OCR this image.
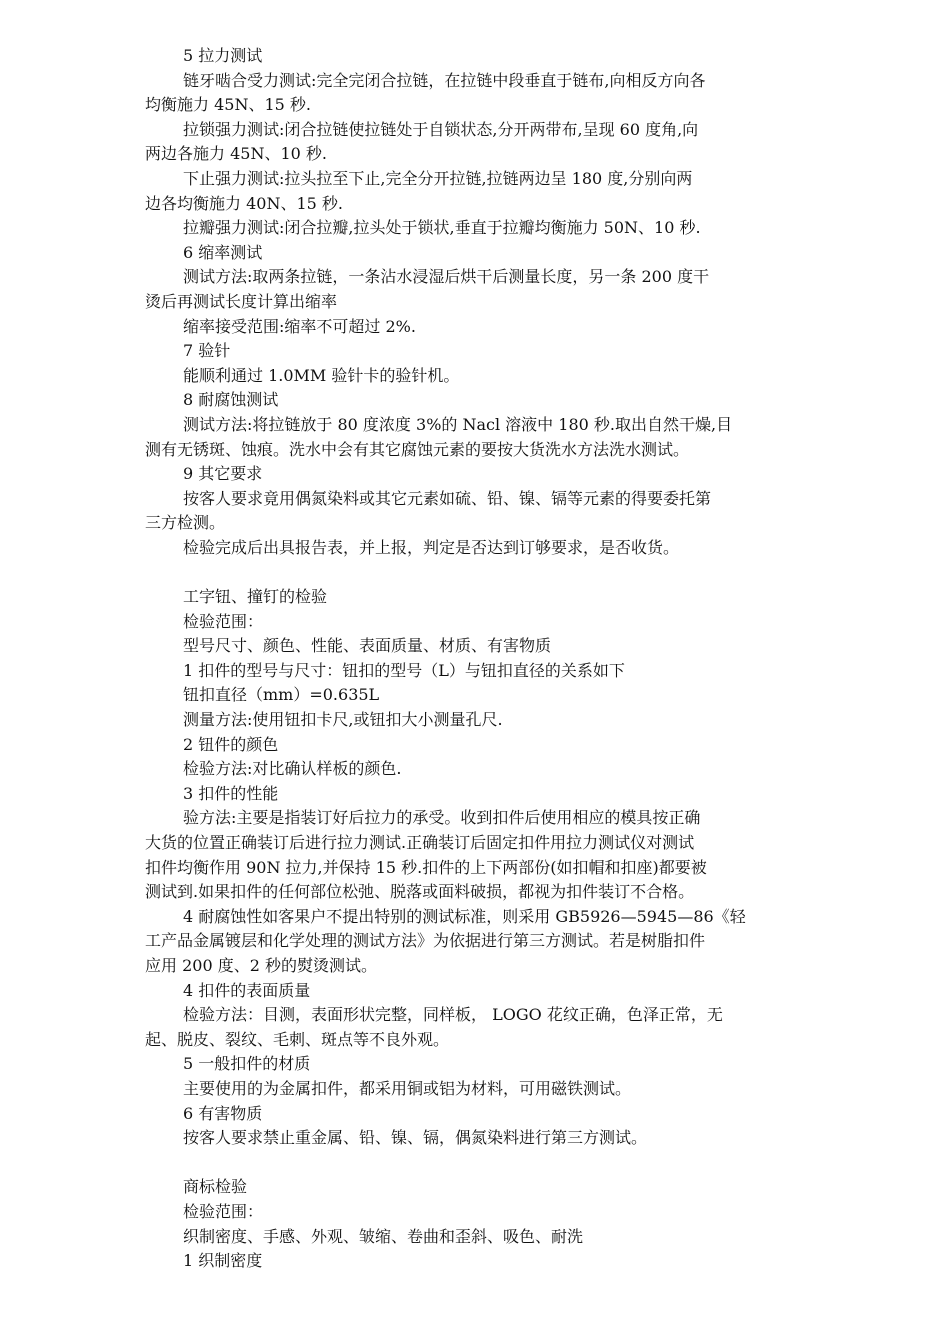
5 拉力测试

链牙啮合受力测试:完全完闭合拉链，在拉链中段垂直于链布,向相反方向各

均衡施力 45N、15 秒.

拉锁强力测试:闭合拉链使拉链处于自锁状态,分开两带布,呈现 60 度角,向

两边各施力 45N、10 秒.

下止强力测试:拉头拉至下止,完全分开拉链,拉链两边呈 180 度,分别向两

边各均衡施力 40N、15 秒.

拉瓣强力测试:闭合拉瓣,拉头处于锁状,垂直于拉瓣均衡施力 50N、10 秒.

6 缩率测试

测试方法:取两条拉链，一条沾水浸湿后烘干后测量长度，另一条 200 度干

烫后再测试长度计算出缩率

缩率接受范围:缩率不可超过 2%.

7 验针

能顺利通过 1.0MM 验针卡的验针机。

8 耐腐蚀测试

测试方法:将拉链放于 80 度浓度 3%的 Nacl 溶液中 180 秒.取出自然干燥,目

测有无锈斑、蚀痕。洗水中会有其它腐蚀元素的要按大货洗水方法洗水测试。

9 其它要求

按客人要求竟用偶氮染料或其它元素如硫、铅、镍、镉等元素的得要委托第

三方检测。

检验完成后出具报告表，并上报，判定是否达到订够要求，是否收货。

工字钮、撞钉的检验

检验范围：

型号尺寸、颜色、性能、表面质量、材质、有害物质

1 扣件的型号与尺寸：钮扣的型号（L）与钮扣直径的关系如下

钮扣直径（mm）=0.635L

测量方法:使用钮扣卡尺,或钮扣大小测量孔尺.

2 钮件的颜色

检验方法:对比确认样板的颜色.

3 扣件的性能

验方法:主要是指装订好后拉力的承受。收到扣件后使用相应的模具按正确

大货的位置正确装订后进行拉力测试.正确装订后固定扣件用拉力测试仪对测试

扣件均衡作用 90N 拉力,并保持 15 秒.扣件的上下两部份(如扣帽和扣座)都要被

测试到.如果扣件的任何部位松弛、脱落或面料破损，都视为扣件装订不合格。

4 耐腐蚀性如客果户不提出特别的测试标准，则采用 GB5926—5945—86《轻

工产品金属镀层和化学处理的测试方法》为依据进行第三方测试。若是树脂扣件

应用 200 度、2 秒的熨烫测试。

4 扣件的表面质量

检验方法：目测，表面形状完整，同样板， LOGO 花纹正确，色泽正常，无

起、脱皮、裂纹、毛刺、斑点等不良外观。

5 一般扣件的材质

主要使用的为金属扣件，都采用铜或铝为材料，可用磁铁测试。

6 有害物质

按客人要求禁止重金属、铅、镍、镉，偶氮染料进行第三方测试。

商标检验

检验范围：

织制密度、手感、外观、皱缩、卷曲和歪斜、吸色、耐洗

1 织制密度
